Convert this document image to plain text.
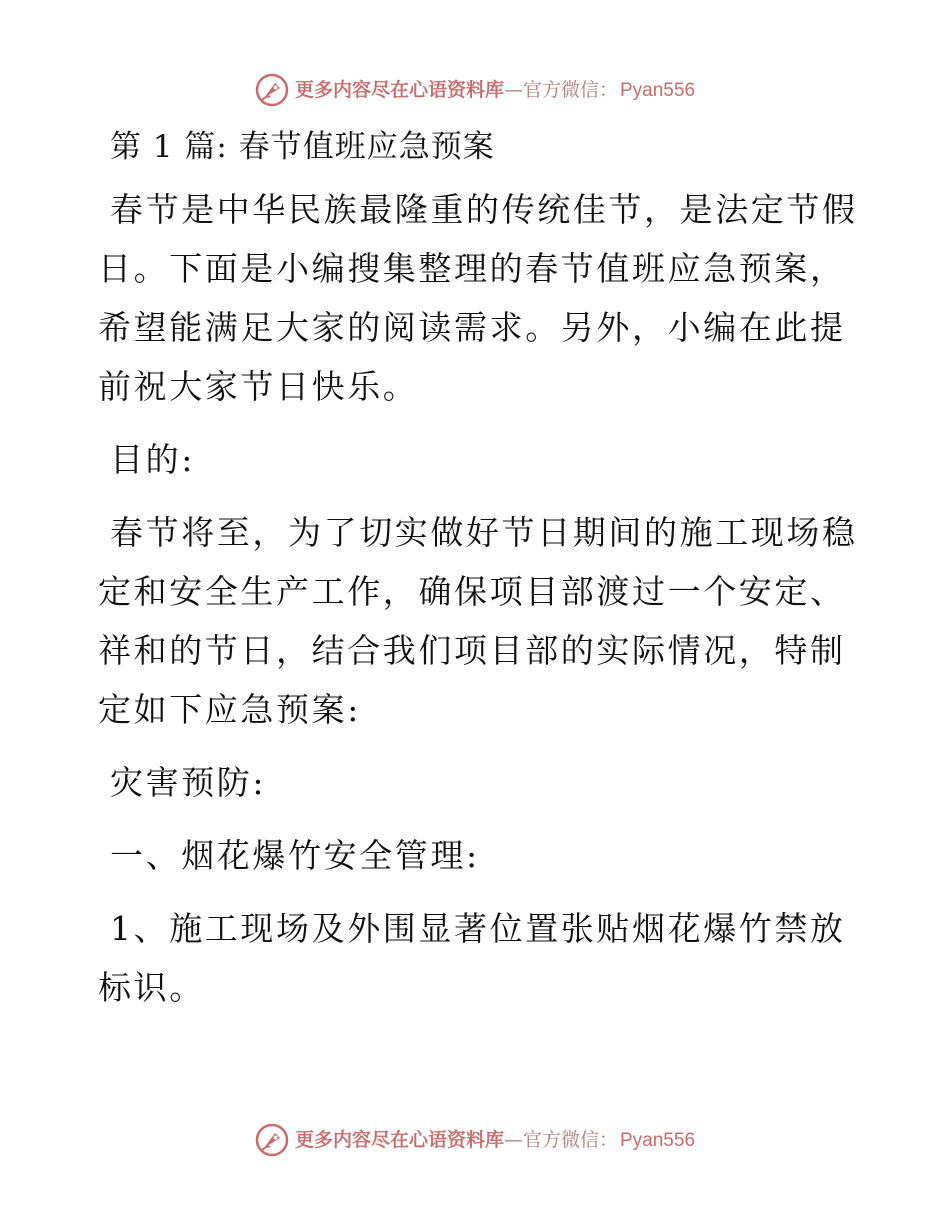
更多内容尽在心语资料库 —官方微信： Pyan556
第 1 篇: 春节值班应急预案

春节是中华民族最隆重的传统佳节，是法定节假日。下面是小编搜集整理的春节值班应急预案，希望能满足大家的阅读需求。另外，小编在此提前祝大家节日快乐。

目的:

春节将至，为了切实做好节日期间的施工现场稳定和安全生产工作，确保项目部渡过一个安定、祥和的节日，结合我们项目部的实际情况，特制定如下应急预案:

灾害预防:

一、烟花爆竹安全管理:

1、施工现场及外围显著位置张贴烟花爆竹禁放标识。

更多内容尽在心语资料库 —官方微信： Pyan556
